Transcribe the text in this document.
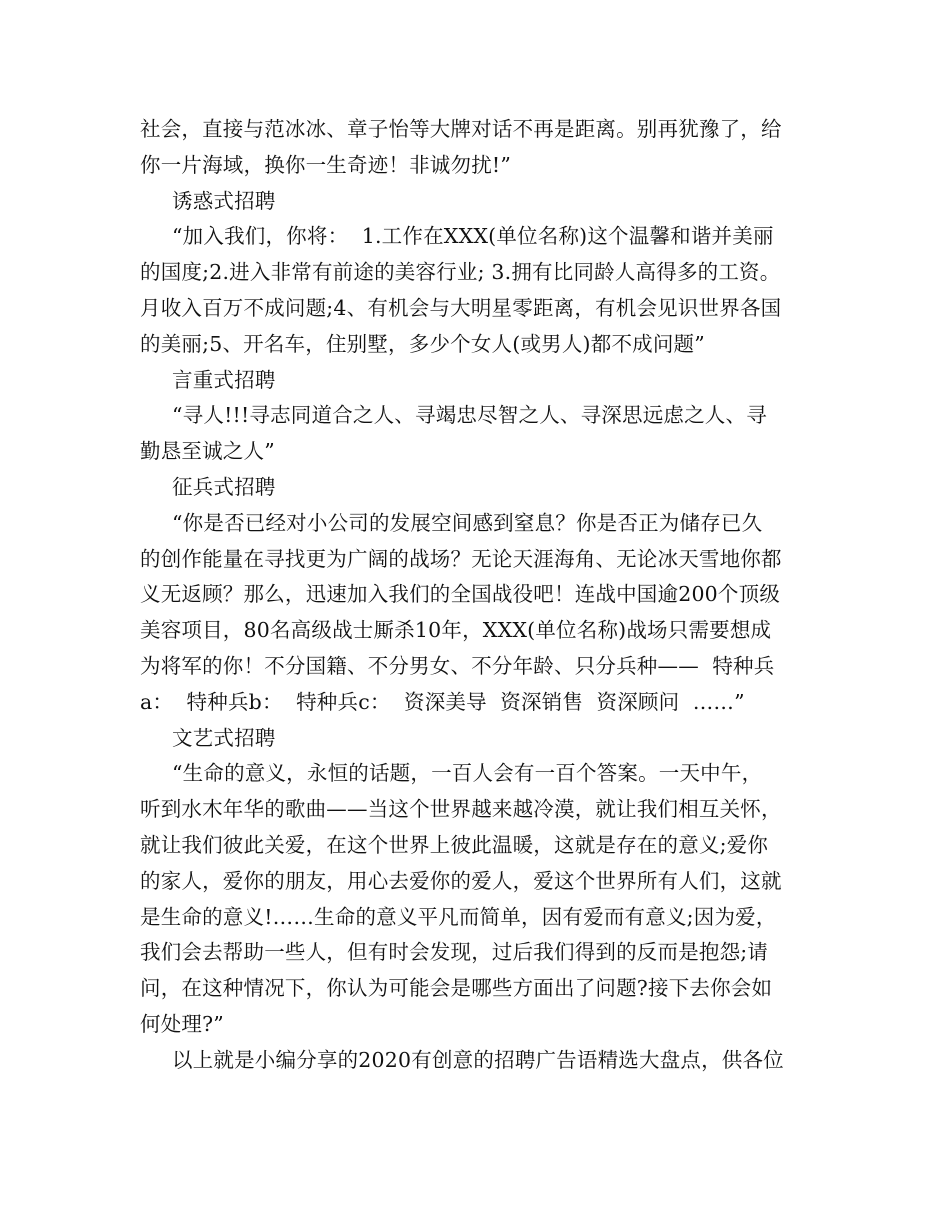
社会，直接与范冰冰、章子怡等大牌对话不再是距离。别再犹豫了，给
你一片海域，换你一生奇迹！非诚勿扰!”
诱惑式招聘
“加入我们，你将：  1.工作在XXX(单位名称)这个温馨和谐并美丽
的国度;2.进入非常有前途的美容行业; 3.拥有比同龄人高得多的工资。
月收入百万不成问题;4、有机会与大明星零距离，有机会见识世界各国
的美丽;5、开名车，住别墅，多少个女人(或男人)都不成问题”
言重式招聘
“寻人!!!寻志同道合之人、寻竭忠尽智之人、寻深思远虑之人、寻
勤恳至诚之人”
征兵式招聘
“你是否已经对小公司的发展空间感到窒息？你是否正为储存已久
的创作能量在寻找更为广阔的战场？无论天涯海角、无论冰天雪地你都
义无返顾？那么，迅速加入我们的全国战役吧！连战中国逾200个顶级
美容项目，80名高级战士厮杀10年，XXX(单位名称)战场只需要想成
为将军的你！不分国籍、不分男女、不分年龄、只分兵种——  特种兵
a：  特种兵b：  特种兵c：  资深美导  资深销售  资深顾问  ……”
文艺式招聘
“生命的意义，永恒的话题，一百人会有一百个答案。一天中午，
听到水木年华的歌曲——当这个世界越来越冷漠，就让我们相互关怀，
就让我们彼此关爱，在这个世界上彼此温暖，这就是存在的意义;爱你
的家人，爱你的朋友，用心去爱你的爱人，爱这个世界所有人们，这就
是生命的意义!……生命的意义平凡而简单，因有爱而有意义;因为爱，
我们会去帮助一些人，但有时会发现，过后我们得到的反而是抱怨;请
问，在这种情况下，你认为可能会是哪些方面出了问题?接下去你会如
何处理?”
以上就是小编分享的2020有创意的招聘广告语精选大盘点，供各位
